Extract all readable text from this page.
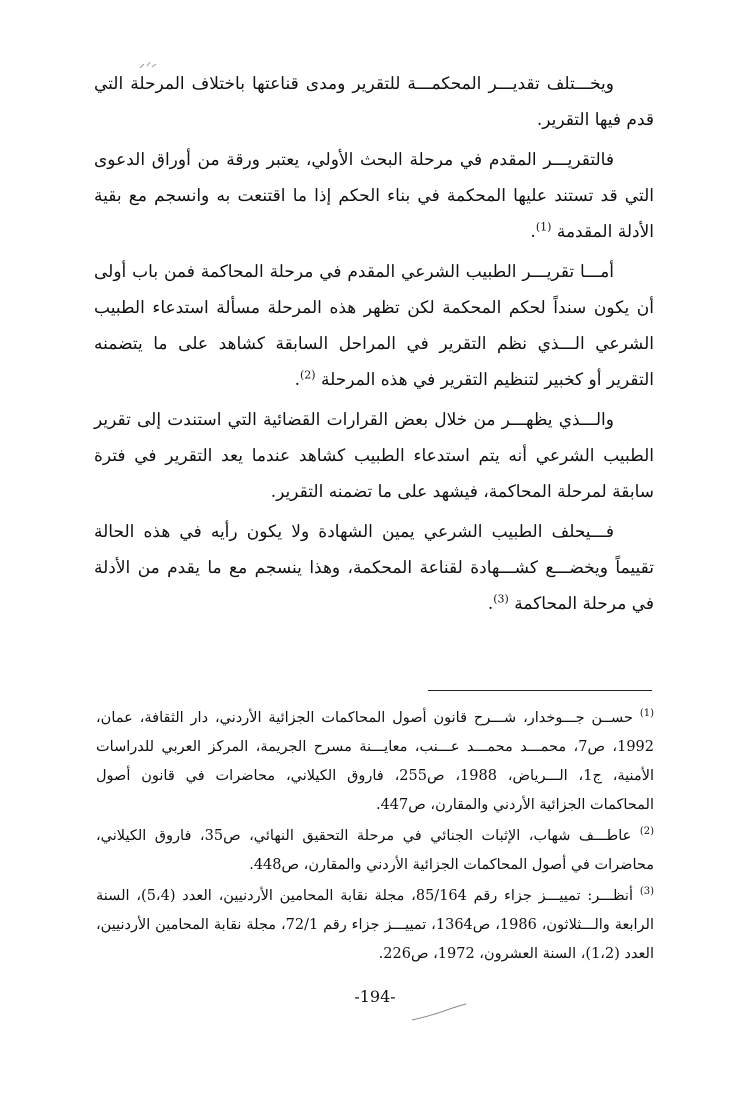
ويخـــتلف تقديـــر المحكمـــة للتقرير ومدى قناعتها باختلاف المرحلة التي قدم فيها التقرير.

فالتقريـــر المقدم في مرحلة البحث الأولي، يعتبر ورقة من أوراق الدعوى التي قد تستند عليها المحكمة في بناء الحكم إذا ما اقتنعت به وانسجم مع بقية الأدلة المقدمة $^{(1)}$.

أمـــا تقريـــر الطبيب الشرعي المقدم في مرحلة المحاكمة فمن باب أولى أن يكون سنداً لحكم المحكمة لكن تظهر هذه المرحلة مسألة استدعاء الطبيب الشرعي الـــذي نظم التقرير في المراحل السابقة كشاهد على ما يتضمنه التقرير أو كخبير لتنظيم التقرير في هذه المرحلة $^{(2)}$.

والـــذي يظهـــر من خلال بعض القرارات القضائية التي استندت إلى تقرير الطبيب الشرعي أنه يتم استدعاء الطبيب كشاهد عندما يعد التقرير في فترة سابقة لمرحلة المحاكمة، فيشهد على ما تضمنه التقرير.

فـــيحلف الطبيب الشرعي يمين الشهادة ولا يكون رأيه في هذه الحالة تقييماً ويخضـــع كشـــهادة لقناعة المحكمة، وهذا ينسجم مع ما يقدم من الأدلة في مرحلة المحاكمة $^{(3)}$.

$^{(1)}$ حســن جـــوخدار، شـــرح قانون أصول المحاكمات الجزائية الأردني، دار الثقافة، عمان، 1992، ص7، محمـــد محمـــد عـــنب، معايـــنة مسرح الجريمة، المركز العربي للدراسات الأمنية، ج1، الـــرياض، 1988، ص255، فاروق الكيلاني، محاضرات في قانون أصول المحاكمات الجزائية الأردني والمقارن، ص447.
$^{(2)}$ عاطـــف شهاب، الإثبات الجنائي في مرحلة التحقيق النهائي، ص35، فاروق الكيلاني، محاضرات في أصول المحاكمات الجزائية الأردني والمقارن، ص448.
$^{(3)}$ أنظـــر: تمييـــز جزاء رقم 85/164، مجلة نقابة المحامين الأردنيين، العدد (5،4)، السنة الرابعة والـــثلاثون، 1986، ص1364، تمييـــز جزاء رقم 72/1، مجلة نقابة المحامين الأردنيين، العدد (1،2)، السنة العشرون، 1972، ص226.
-194-
